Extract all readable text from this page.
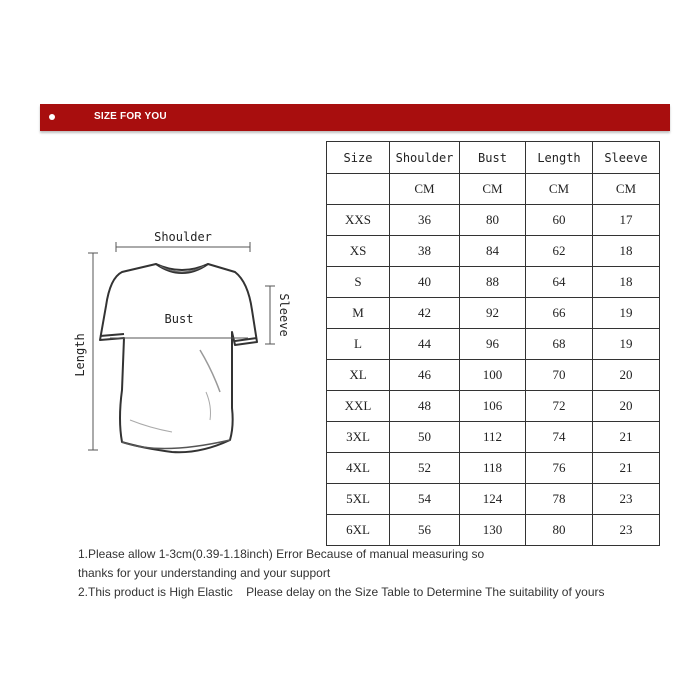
SIZE FOR YOU
Shoulder
Length
Bust	Sleeve
Size	Shoulder	Bust	Length	Sleeve
	CM	CM	CM	CM
XXS	36	80	60	17
XS	38	84	62	18
S	40	88	64	18
M	42	92	66	19
L	44	96	68	19
XL	46	100	70	20
XXL	48	106	72	20
3XL	50	112	74	21
4XL	52	118	76	21
5XL	54	124	78	23
6XL	56	130	80	23
1.Please allow 1-3cm(0.39-1.18inch) Error Because of manual measuring so
thanks for your understanding and your support
2.This product is High Elastic    Please delay on the Size Table to Determine The suitability of yours
